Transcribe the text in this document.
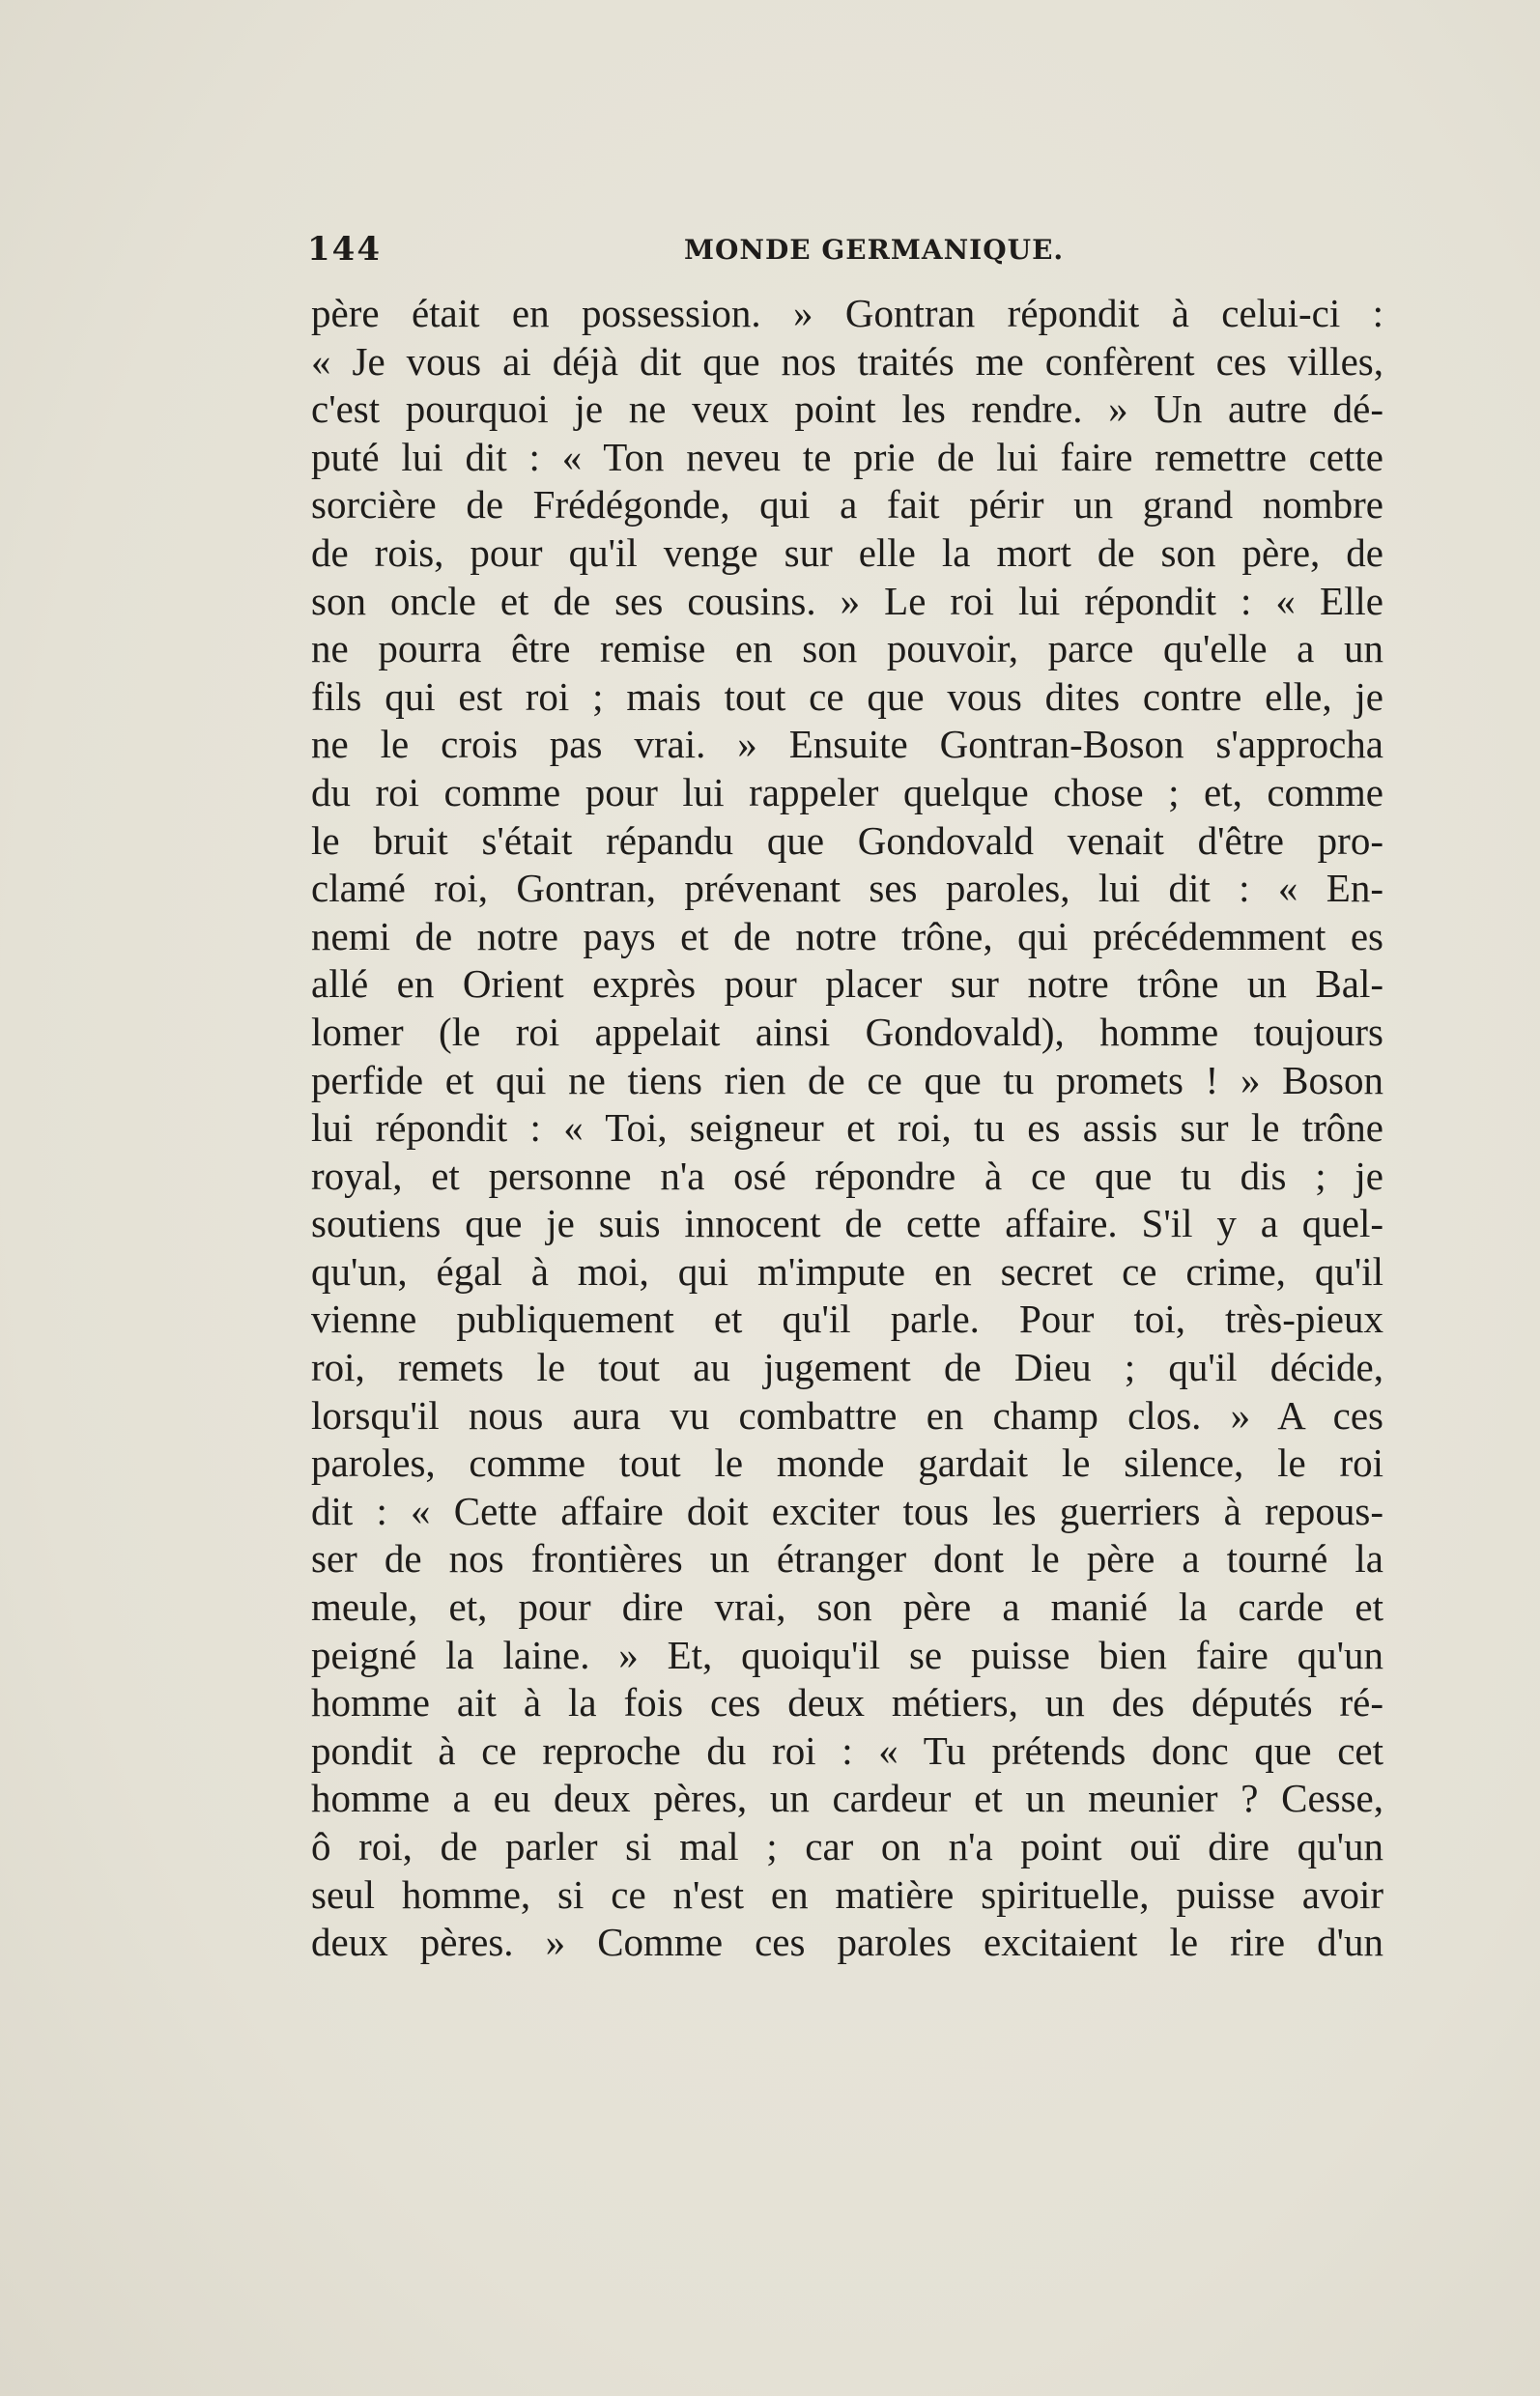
144	MONDE GERMANIQUE.
père était en possession. » Gontran répondit à celui-ci :
« Je vous ai déjà dit que nos traités me confèrent ces villes,
c'est pourquoi je ne veux point les rendre. » Un autre dé-
puté lui dit : « Ton neveu te prie de lui faire remettre cette
sorcière de Frédégonde, qui a fait périr un grand nombre
de rois, pour qu'il venge sur elle la mort de son père, de
son oncle et de ses cousins. » Le roi lui répondit : « Elle
ne pourra être remise en son pouvoir, parce qu'elle a un
fils qui est roi ; mais tout ce que vous dites contre elle, je
ne le crois pas vrai. » Ensuite Gontran-Boson s'approcha
du roi comme pour lui rappeler quelque chose ; et, comme
le bruit s'était répandu que Gondovald venait d'être pro-
clamé roi, Gontran, prévenant ses paroles, lui dit : « En-
nemi de notre pays et de notre trône, qui précédemment es
allé en Orient exprès pour placer sur notre trône un Bal-
lomer (le roi appelait ainsi Gondovald), homme toujours
perfide et qui ne tiens rien de ce que tu promets ! » Boson
lui répondit : « Toi, seigneur et roi, tu es assis sur le trône
royal, et personne n'a osé répondre à ce que tu dis ; je
soutiens que je suis innocent de cette affaire. S'il y a quel-
qu'un, égal à moi, qui m'impute en secret ce crime, qu'il
vienne publiquement et qu'il parle. Pour toi, très-pieux
roi, remets le tout au jugement de Dieu ; qu'il décide,
lorsqu'il nous aura vu combattre en champ clos. » A ces
paroles, comme tout le monde gardait le silence, le roi
dit : « Cette affaire doit exciter tous les guerriers à repous-
ser de nos frontières un étranger dont le père a tourné la
meule, et, pour dire vrai, son père a manié la carde et
peigné la laine. » Et, quoiqu'il se puisse bien faire qu'un
homme ait à la fois ces deux métiers, un des députés ré-
pondit à ce reproche du roi : « Tu prétends donc que cet
homme a eu deux pères, un cardeur et un meunier ? Cesse,
ô roi, de parler si mal ; car on n'a point ouï dire qu'un
seul homme, si ce n'est en matière spirituelle, puisse avoir
deux pères. » Comme ces paroles excitaient le rire d'un
